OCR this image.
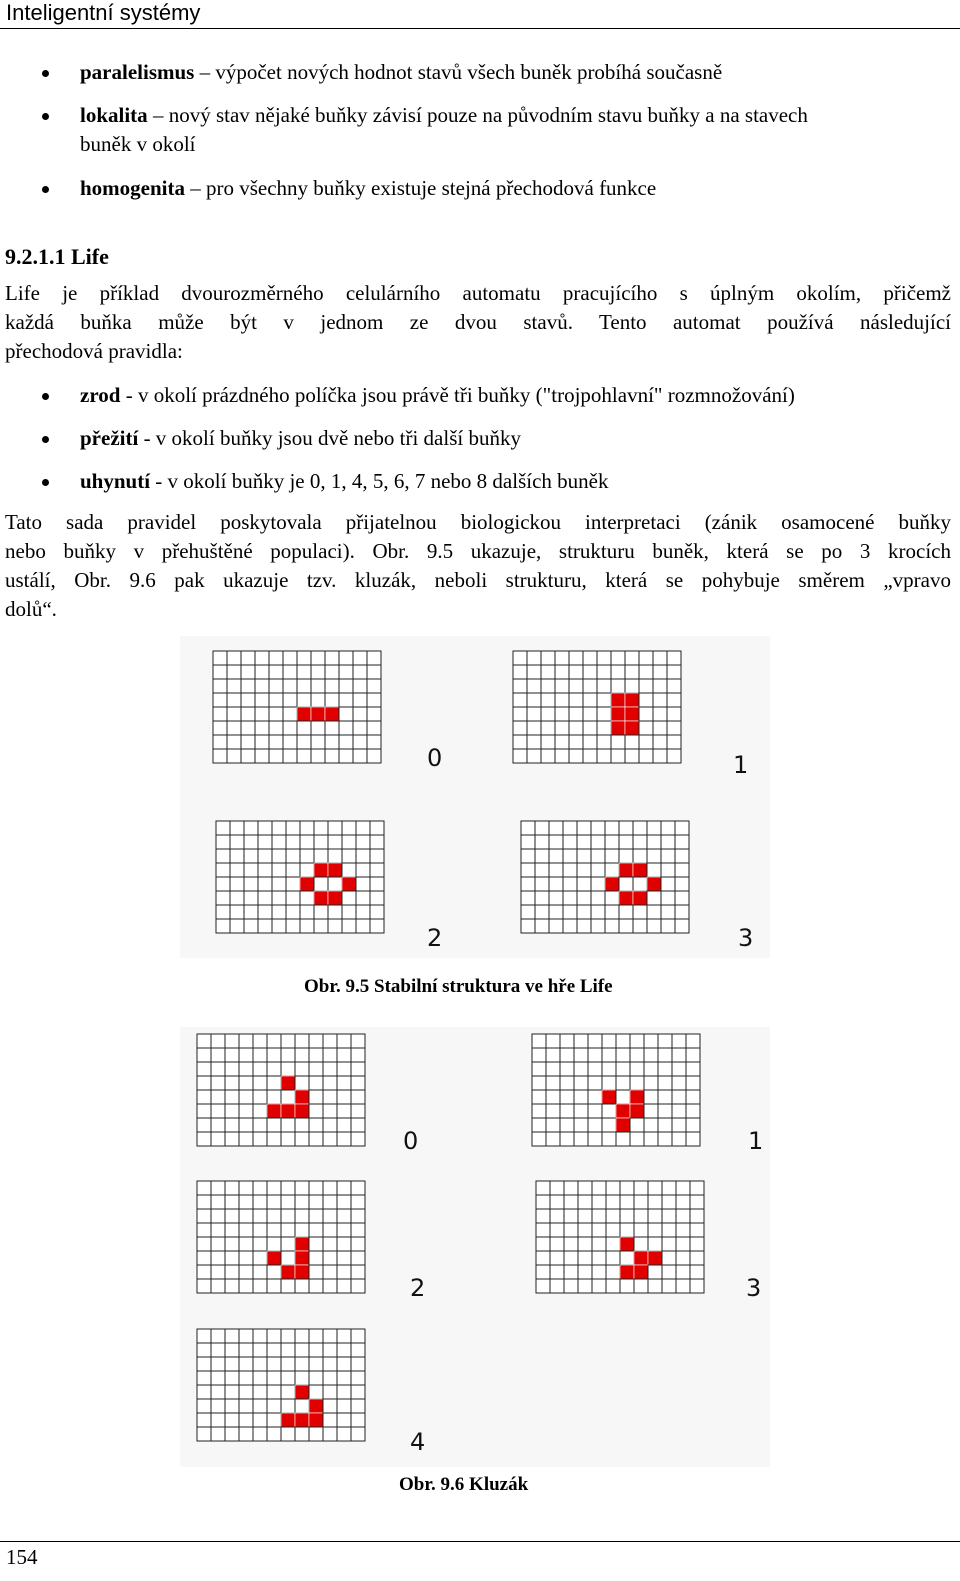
Inteligentní systémy
paralelismus – výpočet nových hodnot stavů všech buněk probíhá současně
lokalita – nový stav nějaké buňky závisí pouze na původním stavu buňky a na stavech
buněk v okolí
homogenita – pro všechny buňky existuje stejná přechodová funkce
9.2.1.1 Life
Life je příklad dvourozměrného celulárního automatu pracujícího s úplným okolím, přičemž
každá buňka může být v jednom ze dvou stavů. Tento automat používá následující
přechodová pravidla:
zrod - v okolí prázdného políčka jsou právě tři buňky ("trojpohlavní" rozmnožování)
přežití - v okolí buňky jsou dvě nebo tři další buňky
uhynutí - v okolí buňky je 0, 1, 4, 5, 6, 7 nebo 8 dalších buněk
Tato sada pravidel poskytovala přijatelnou biologickou interpretaci (zánik osamocené buňky
nebo buňky v přehuštěné populaci). Obr. 9.5 ukazuje, strukturu buněk, která se po 3 krocích
ustálí, Obr. 9.6 pak ukazuje tzv. kluzák, neboli strukturu, která se pohybuje směrem „vpravo
dolů“.
0	1
2	3
Obr. 9.5 Stabilní struktura ve hře Life
0	1
2	3
4
Obr. 9.6 Kluzák
154
